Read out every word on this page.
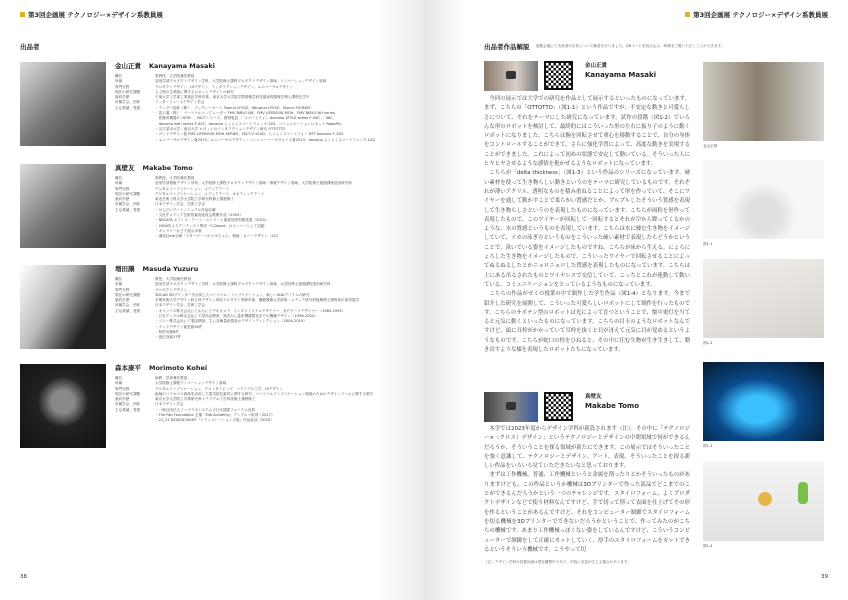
第3回企画展 テクノロジー×デザイン系教員展
出品者
金山正貴 Kanayama Masaki
職位	准教授、大学院兼任教員
所属	造形学部プロダクトデザイン学科、大学院修士課程プロダクトデザイン領域、イノベーションデザイン領域
専門分野	プロダクトデザイン、UIデザイン、インタラクションデザイン、ユニバーサルデザイン
現在の研究課題	人工物の生命感に関するロボットデザインの研究
最終学歴	千葉大学工学部工業意匠学科卒業、東京大学大学院学際情報学府先端表現情報学博士課程在学中
所属学会、団体	インターフェースデザイン学会
主な業績、受賞	・テンプー技術（株）：ブックレーポート Toprun LF05Z、Wingrun LF03Z、Toprun FX0M9Z
・富士通（株）：パーソナルコンピューター FMV BIBLO NB、FMV LIFEBOOK MGH、FMV BIBLO NH series、
　医療用機器3（ATM）、FACTシリーズ、携帯電話 ／ スマートフォン docomo STYLE series F-04C ／ 06C、
　docomo with series F-02C、docomo らくらくスマートフォン F-12D、コミュニケーションロボット RoboPin、
・名古屋市大学・東京大学 ロボットのインタラクションデザイン研究 OTTOTTO
・グッドデザイン賞 FMV LIFEBOOK MGH-SERIES、FACT-V X10D、らくらくスマートフォン NTT docomo F-12D
・ユニバーサルデザイン賞2013／ユニバーサルデザイン・コンシューマーズヴォイス賞2013：docomo らくらくスマートフォン F-12D
真壁友 Makabe Tomo
職位	准教授、大学院兼任教員
所属	造形学部情報デザイン学科、大学院修士課程プロダクトデザイン領域・情報デザイン領域、大学院博士後期課程造形研究科
専門分野	デジタルファブリケーション、メディアアート
現在の研究課題	デジタルファブリケーション、メディアアート、キネティックアート
最終学歴	東北芸術工科大学大学院工学研究科修士課程修了
所属学会、団体	日本デザイン学会、芸術工学会
主な業績、受賞	・せんだいアートノミュアル作品収蔵
・文化庁メディア芸術祭審査委員会推薦作品（2005）
・NIIGATA オフィス・アート・ストリート審査員特別賞受賞（2010）
・2006年よりアーティスト集団「C-Depot」のメンバーとして活動
・ギャラリーなどで展示多数
・講談社ele文庫「スターゲートのマキちゃん」挿画、カバーデザイン（CG）
増田譲 Masuda Yuzuru
職位	教授、大学院兼任教員
所属	造形学部プロダクトデザイン学科、大学院修士課程プロダクトデザイン領域、大学院博士後期課程造形研究科
専門分野	プロダクトデザイン
現在の研究課題	3DCAD 3Dプリンターを活用したパーソナル・ファブリケーション、新しいSDAデバイスの研究
最終学歴	多摩美術大学デザイン科立体デザイン専攻プロダクト専修卒業、慶應義塾大学政策・メディア研究科後期博士課程単位取得退学
所属学会、団体	日本デザイン学会、芸術工学会
主な業績、受賞	・オリンパス株式会社にておもにビデオカメラ、インダストリアルデザイナー、またチーフデザイナー（1985-1995）
・日本アップル株式会社にて試作品開発、発売から量産機器製造までの機種デザイン（1996-2004）
・ソニー株式会社にて製品開発、主に各種量産製品のデザインディレクション（2004-2010）
・グッドデザイン賞受賞28件
・特許出願8件
・意匠登録17件
森本康平 Morimoto Kohei
職位	助教、学部兼任教員
所属	大学院修士課程イノベーションデザイン領域
専門分野	デジタルファブリケーション、プロトタイピング、マテリアル工学、UIデザイン
現在の研究課題	地域のバイオマス資源を活用した電気抵抗素材に関する研究、パーソナルファブリケーション環境のためのデザインツールに関する研究
最終学歴	東京大学大学院工学系研究科マテリアル工学専攻修士課程修了
所属学会、団体	日本デザイン学会
主な業績、受賞	・一般社団法人ファブラボシステムズ日本国際フォーラム出展
・The Fab Foundation 主催「Fab Academy」ディプロマ取得（2017）
・21_21 DESIGN SIGHT「トランスレーションズ展」作品参加（2020）
38
第3回企画展 テクノロジー×デザイン系教員展
出品者作品解説 展覧会場にて出品者が自作について解説を行いました。QRコードを読み込み、映像をご覧いただくことができます。
金山正貴
Kanayama Masaki

今回の展示では大学での研究を作品として展示するといったものになっています。まず、こちらの「OTTOTTO」（図1-1）という作品ですが、不安定な動きと可愛らしさについて、それをテーマにした研究になっています。試作の段階（図1-2）でいろんな形のロボットを検討して、最終的にはこういった形の左右に振り子のように動くロボットになりました。こちらは腕を回転させて重心を移動することで、自分の身体をコントロールすることができて、さらに強化学習によって、高度な動きを実現することができました。これによって初めの状態で安定して動いている。そういった人にヒヤヒヤさせるような感情を抱かせるようなロボットになっています。

こちらが「delta thickness」（図1-3）という作品のシリーズになっています。硬い素材を使って生き物らしい動きというのをテーマに研究しているものです。それぞれが薄いアクリル、透明なものを積み重ねることによって形を作っていて、そこにワイヤーを通して動かすことで柔らかい質感だとか、プルプルしたそういう質感を表現して生き物らしさというのを表現したものになっています。こちらが雨粒を形作って表現したもので、このワイヤーが回転して一回転するとそれが空から降ってくるかのような、水の質感というものを表現しています。こちらは水に棲む生き物をイメージしていて、イカの泳ぎ方というものをこういった硬い素材で表現したらどうかということで、泳いでいる姿をイメージしたものですね。こちらが床から生える、にょろにょろした生き物をイメージしたもので、こういったワイヤーで回転させることによってぬるぬるしたとかニョロニョロした質感を表現したものになっています。こちらは上にある吊るされたものとワイヤレスで交信していて、こっちとこれが連動して動いている、コミュニケーションをとっているようなものになっています。

こちらの作品がゼミの授業の中で制作した学生作品（図1-4）となります。今まで紹介した研究を展開して、こういった可愛らしいロボットにして制作を行ったものです。こちらのサボテン型のロボットは光によって育つということで、懐中電灯を当てると元気に動くといったものになっています。こちらの目玉のようなロボットなんですけど、頭に耳栓がかかっていて耳栓を抜くと目が冴えて元気に目が覚めるというようなものです。こちらが蛇口の栓をひねると、その中に住む生物が生き生きして、動き出すような様を表現したロボットたちになっています。

真壁友
Makabe Tomo

本学では2023年度からデザイン学科が新設されます（注）。その中に「テクノロジー×（クロス）デザイン」というテクノロジーとデザインの中間領域で何ができるんだろうか、そういうことを探る領域が新たにできます。この展示ではそういったことを強く意識して、テクノロジーとデザイン、アート、表現、そういったことを探る新しい作品をいろいろ見ていただきたいなと思っております。

まずは工作機械。普通、工作機械というと金属を削ったりとかそういったものがありますけども、この作品というか機械は3Dプリンターで作った部品でどこまでのことができるんだろうかという一つのチャレンジです。スタイロフォーム、よくプロダクトデザインなどで使う材料なんですけど、手で切って削って表面を仕上げてその形を作るということがあるんですけど、それをコンピューター制御でスタイロフォームを切る機械を3Dプリンターでできないだろうかということで、作ってみたのがこちらの機械です。あまり工作機械っぽくない姿をしているんですけど、こういうコンピューターで制御をして正確にカットしていく、厚手のスタイロフォームをカットできるというそういう機械です。こうやって切

（注）デザイン学科の設置計画は現在構想中であり、内容に変更が生じる場合があります。
金山正貴
図1-1
図1-2
図1-3
図1-4
39
